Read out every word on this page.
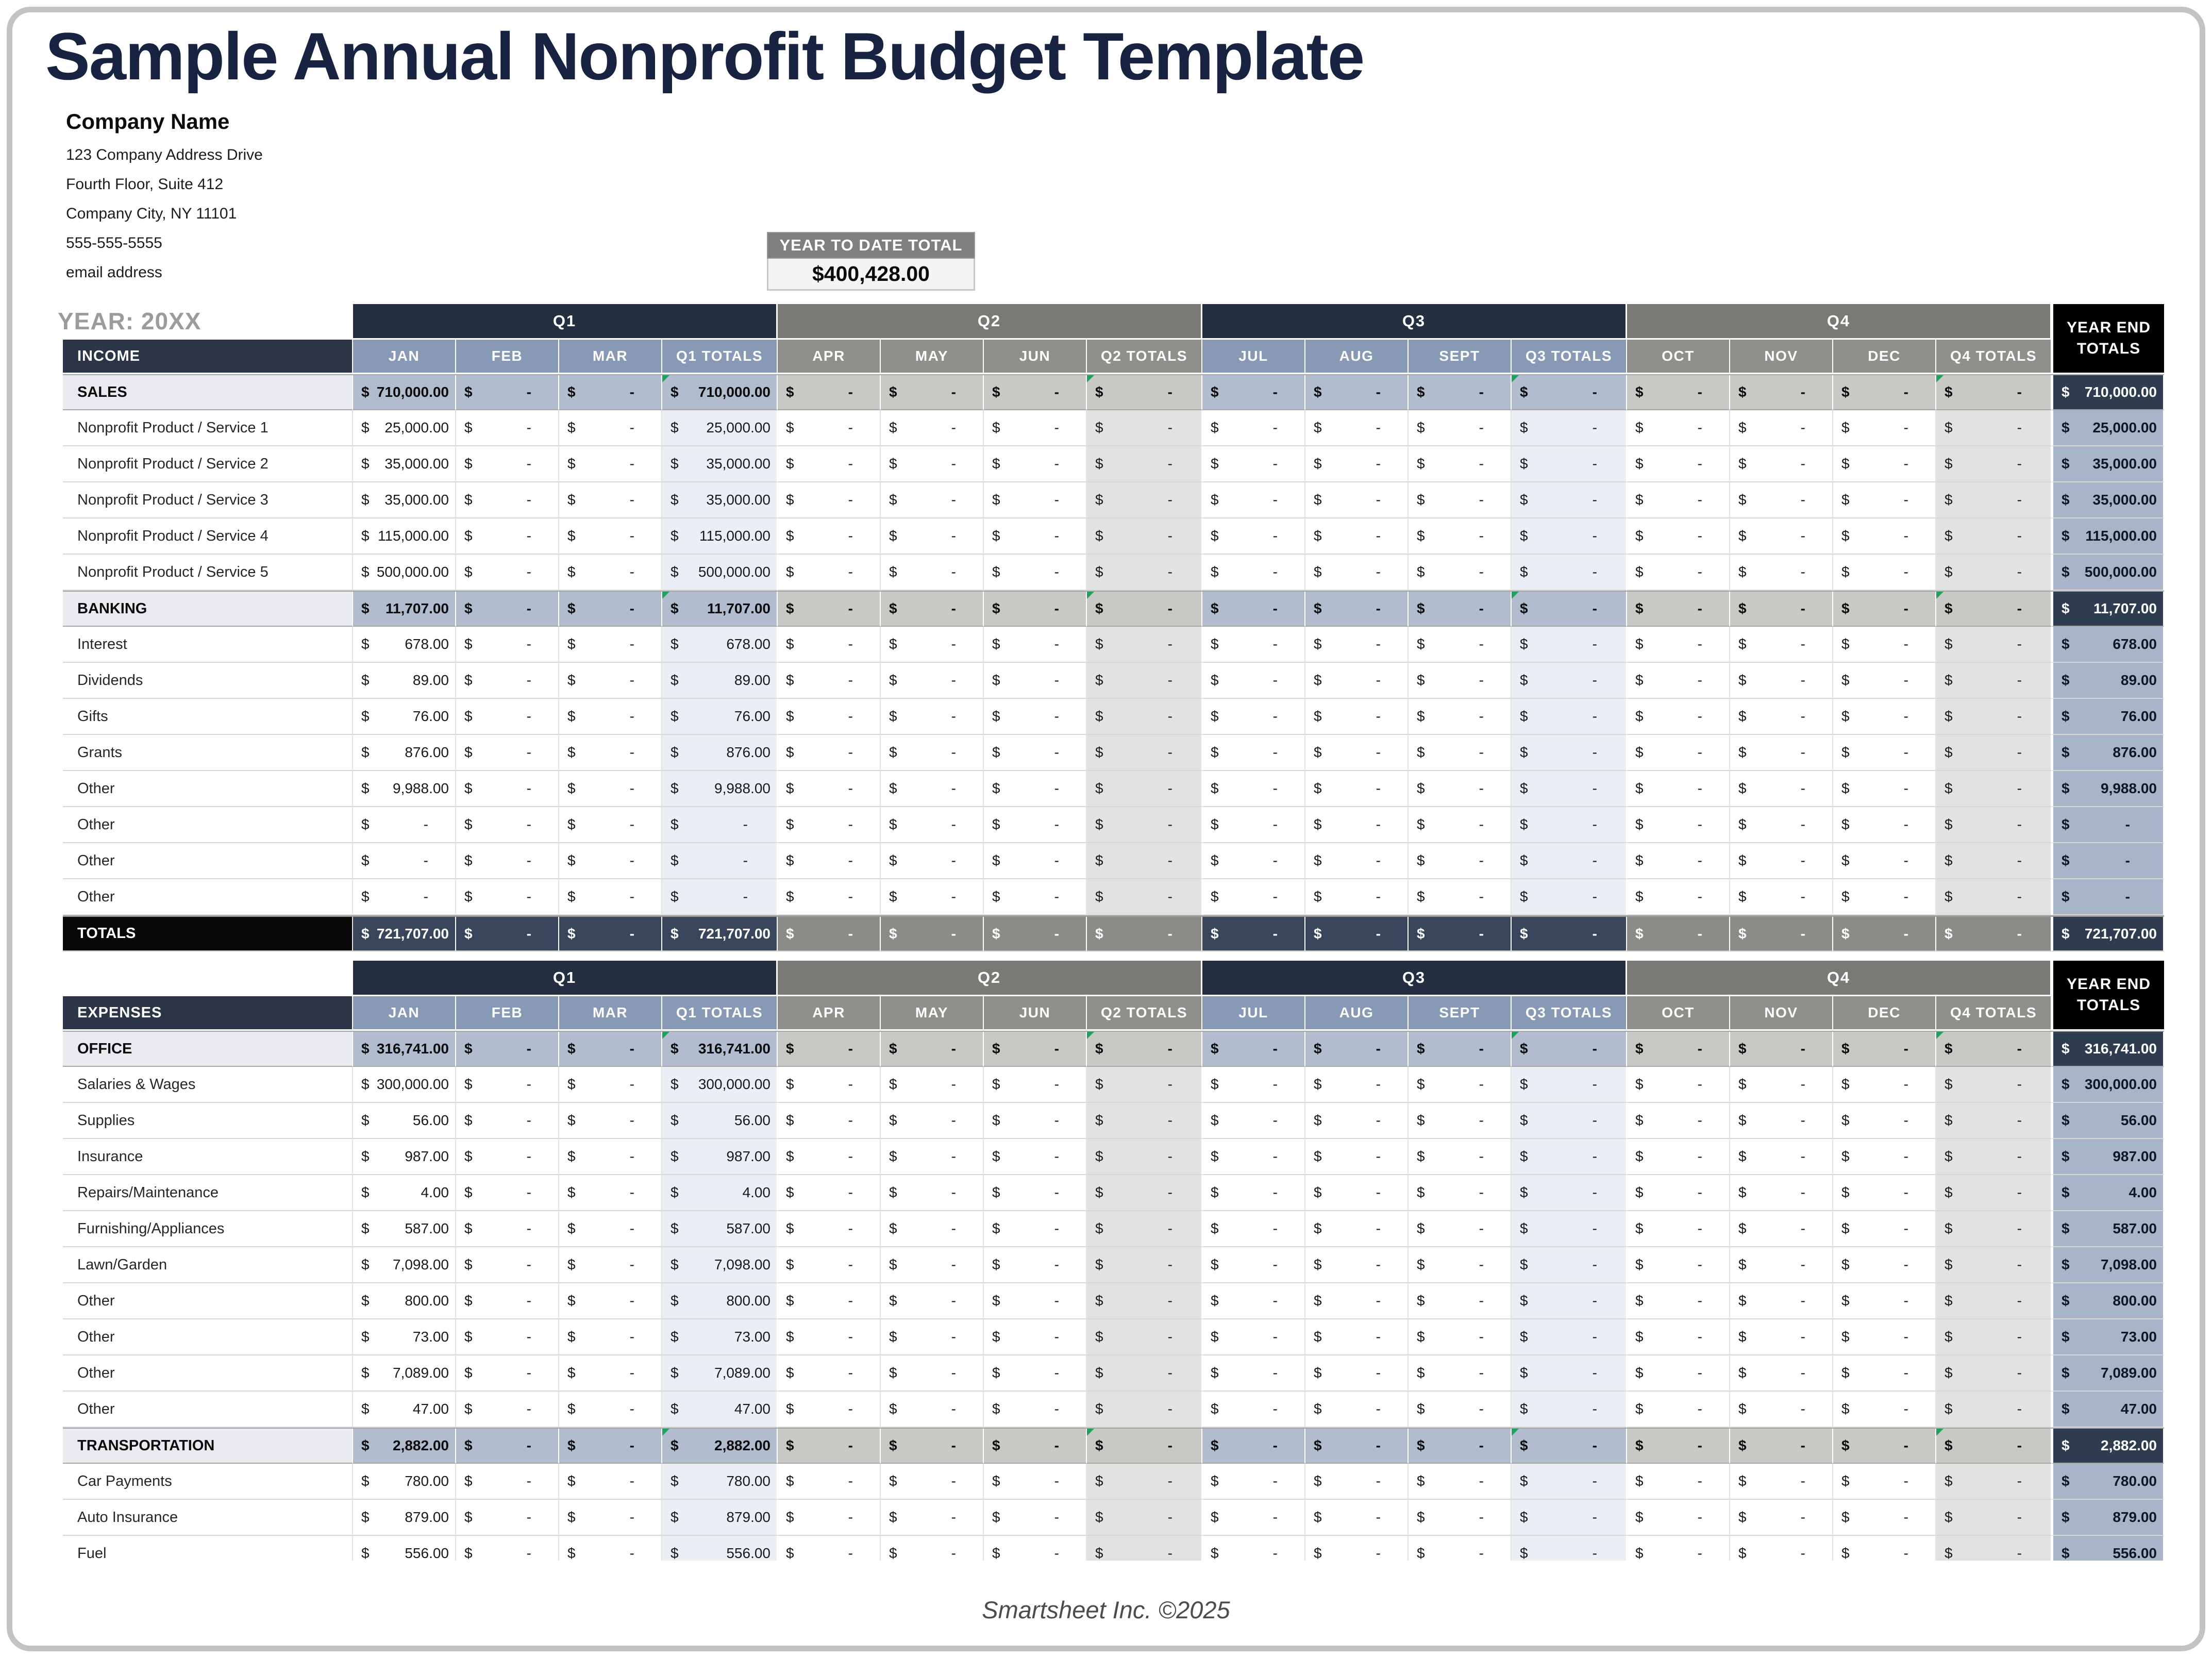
Sample Annual Nonprofit Budget Template
Company Name
123 Company Address Drive
Fourth Floor, Suite 412
Company City, NY 11101
555-555-5555
email address
YEAR TO DATE TOTAL
$400,428.00
YEAR: 20XX	Q1	Q2	Q3	Q4
INCOME	JAN	FEB	MAR	Q1 TOTALS	APR	MAY	JUN	Q2 TOTALS	JUL	AUG	SEPT	Q3 TOTALS	OCT	NOV	DEC	Q4 TOTALS
YEAR END
TOTALS
SALES	$ 710,000.00 $	-	$	-	$ 710,000.00 $	-	$	-	$	-	$	-	$	-	$	-	$	-	$	-	$	-	$	-	$	-	$	-	$ 710,000.00
Nonprofit Product / Service 1	$ 25,000.00 $	-	$	-	$ 25,000.00 $	-	$	-	$	-	$	-	$	-	$	-	$	-	$	-	$	-	$	-	$	-	$	-	$ 25,000.00
Nonprofit Product / Service 2	$ 35,000.00 $	-	$	-	$ 35,000.00 $	-	$	-	$	-	$	-	$	-	$	-	$	-	$	-	$	-	$	-	$	-	$	-	$ 35,000.00
Nonprofit Product / Service 3	$ 35,000.00 $	-	$	-	$ 35,000.00 $	-	$	-	$	-	$	-	$	-	$	-	$	-	$	-	$	-	$	-	$	-	$	-	$ 35,000.00
Nonprofit Product / Service 4	$ 115,000.00 $	-	$	-	$ 115,000.00 $	-	$	-	$	-	$	-	$	-	$	-	$	-	$	-	$	-	$	-	$	-	$	-	$ 115,000.00
Nonprofit Product / Service 5	$ 500,000.00 $	-	$	-	$ 500,000.00 $	-	$	-	$	-	$	-	$	-	$	-	$	-	$	-	$	-	$	-	$	-	$	-	$ 500,000.00
BANKING	$ 11,707.00 $	-	$	-	$ 11,707.00 $	-	$	-	$	-	$	-	$	-	$	-	$	-	$	-	$	-	$	-	$	-	$	-	$ 11,707.00
Interest	$ 678.00 $	-	$	-	$	678.00 $	-	$	-	$	-	$	-	$	-	$	-	$	-	$	-	$	-	$	-	$	-	$	-	$	678.00
Dividends	$	89.00 $	-	$	-	$	89.00 $	-	$	-	$	-	$	-	$	-	$	-	$	-	$	-	$	-	$	-	$	-	$	-	$	89.00
Gifts	$	76.00 $	-	$	-	$	76.00 $	-	$	-	$	-	$	-	$	-	$	-	$	-	$	-	$	-	$	-	$	-	$	-	$	76.00
Grants	$ 876.00 $	-	$	-	$	876.00 $	-	$	-	$	-	$	-	$	-	$	-	$	-	$	-	$	-	$	-	$	-	$	-	$	876.00
Other	$ 9,988.00 $	-	$	-	$ 9,988.00 $	-	$	-	$	-	$	-	$	-	$	-	$	-	$	-	$	-	$	-	$	-	$	-	$ 9,988.00
Other	$	-	$	-	$	-	$	-	$	-	$	-	$	-	$	-	$	-	$	-	$	-	$	-	$	-	$	-	$	-	$	-	$	-
Other	$	-	$	-	$	-	$	-	$	-	$	-	$	-	$	-	$	-	$	-	$	-	$	-	$	-	$	-	$	-	$	-	$	-
Other	$	-	$	-	$	-	$	-	$	-	$	-	$	-	$	-	$	-	$	-	$	-	$	-	$	-	$	-	$	-	$	-	$	-
TOTALS	$ 721,707.00 $	-	$	-	$ 721,707.00 $	-	$	-	$	-	$	-	$	-	$	-	$	-	$	-	$	-	$	-	$	-	$	-	$ 721,707.00
Q1	Q2	Q3	Q4
EXPENSES	JAN	FEB	MAR	Q1 TOTALS	APR	MAY	JUN	Q2 TOTALS	JUL	AUG	SEPT	Q3 TOTALS	OCT	NOV	DEC	Q4 TOTALS
YEAR END
TOTALS
OFFICE	$ 316,741.00 $	-	$	-	$ 316,741.00 $	-	$	-	$	-	$	-	$	-	$	-	$	-	$	-	$	-	$	-	$	-	$	-	$ 316,741.00
Salaries & Wages	$ 300,000.00 $	-	$	-	$ 300,000.00 $	-	$	-	$	-	$	-	$	-	$	-	$	-	$	-	$	-	$	-	$	-	$	-	$ 300,000.00
Supplies	$	56.00 $	-	$	-	$	56.00 $	-	$	-	$	-	$	-	$	-	$	-	$	-	$	-	$	-	$	-	$	-	$	-	$	56.00
Insurance	$ 987.00 $	-	$	-	$	987.00 $	-	$	-	$	-	$	-	$	-	$	-	$	-	$	-	$	-	$	-	$	-	$	-	$	987.00
Repairs/Maintenance	$	4.00 $	-	$	-	$	4.00 $	-	$	-	$	-	$	-	$	-	$	-	$	-	$	-	$	-	$	-	$	-	$	-	$	4.00
Furnishing/Appliances	$ 587.00 $	-	$	-	$	587.00 $	-	$	-	$	-	$	-	$	-	$	-	$	-	$	-	$	-	$	-	$	-	$	-	$	587.00
Lawn/Garden	$ 7,098.00 $	-	$	-	$ 7,098.00 $	-	$	-	$	-	$	-	$	-	$	-	$	-	$	-	$	-	$	-	$	-	$	-	$ 7,098.00
Other	$ 800.00 $	-	$	-	$	800.00 $	-	$	-	$	-	$	-	$	-	$	-	$	-	$	-	$	-	$	-	$	-	$	-	$	800.00
Other	$	73.00 $	-	$	-	$	73.00 $	-	$	-	$	-	$	-	$	-	$	-	$	-	$	-	$	-	$	-	$	-	$	-	$	73.00
Other	$ 7,089.00 $	-	$	-	$ 7,089.00 $	-	$	-	$	-	$	-	$	-	$	-	$	-	$	-	$	-	$	-	$	-	$	-	$ 7,089.00
Other	$	47.00 $	-	$	-	$	47.00 $	-	$	-	$	-	$	-	$	-	$	-	$	-	$	-	$	-	$	-	$	-	$	-	$	47.00
TRANSPORTATION	$ 2,882.00 $	-	$	-	$ 2,882.00 $	-	$	-	$	-	$	-	$	-	$	-	$	-	$	-	$	-	$	-	$	-	$	-	$ 2,882.00
Car Payments	$ 780.00 $	-	$	-	$	780.00 $	-	$	-	$	-	$	-	$	-	$	-	$	-	$	-	$	-	$	-	$	-	$	-	$	780.00
Auto Insurance	$ 879.00 $	-	$	-	$	879.00 $	-	$	-	$	-	$	-	$	-	$	-	$	-	$	-	$	-	$	-	$	-	$	-	$	879.00
Fuel	$ 556.00 $	-	$	-	$	556.00 $	-	$	-	$	-	$	-	$	-	$	-	$	-	$	-	$	-	$	-	$	-	$	-	$	556.00
Smartsheet Inc. ©2025
